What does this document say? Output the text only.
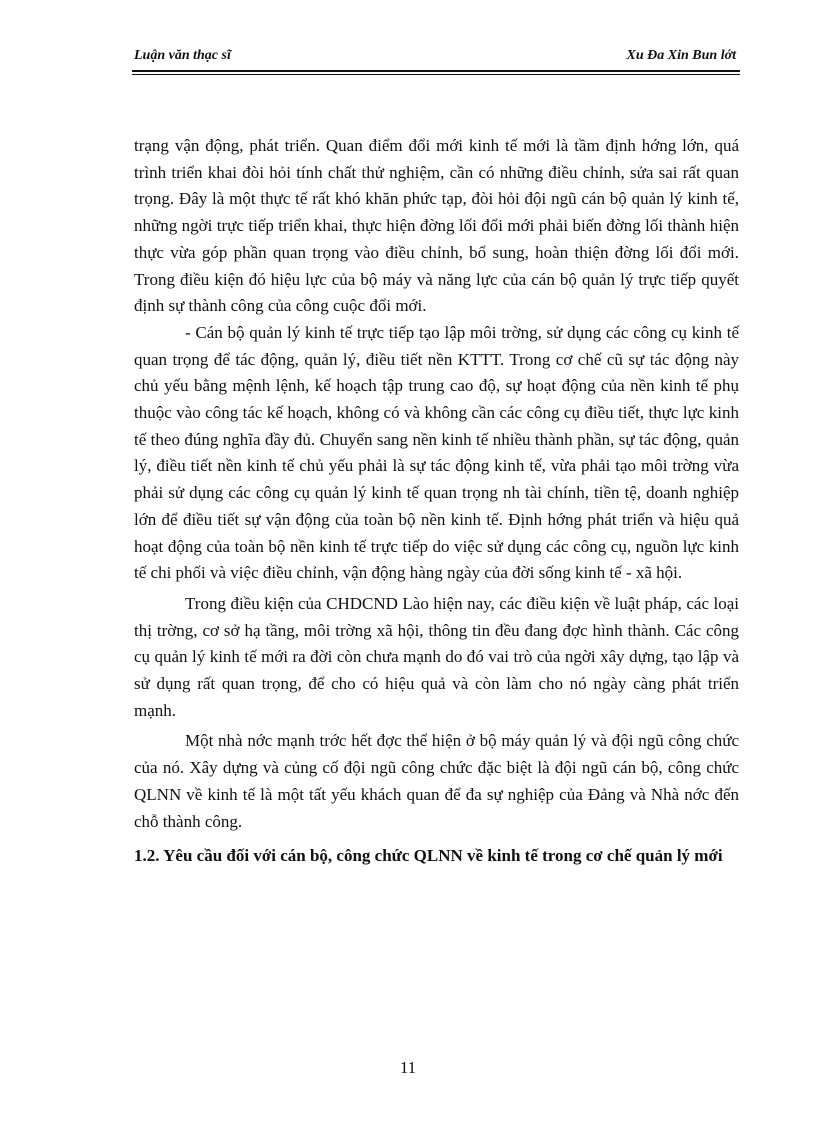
Luận văn thạc sĩ	Xu Đa Xin Bun lớt

trạng vận động, phát triển. Quan điểm đổi mới kinh tế mới là tầm định hớng lớn, quá trình triển khai đòi hỏi tính chất thử nghiệm, cần có những điều chỉnh, sửa sai rất quan trọng. Đây là một thực tế rất khó khăn phức tạp, đòi hỏi đội ngũ cán bộ quản lý kinh tế, những ngời trực tiếp triển khai, thực hiện đờng lối đổi mới phải biến đờng lối thành hiện thực vừa góp phần quan trọng vào điều chỉnh, bổ sung, hoàn thiện đờng lối đổi mới. Trong điều kiện đó hiệu lực của bộ máy và năng lực của cán bộ quản lý trực tiếp quyết định sự thành công của công cuộc đổi mới.

- Cán bộ quản lý kinh tế trực tiếp tạo lập môi trờng, sử dụng các công cụ kinh tế quan trọng để tác động, quản lý, điều tiết nền KTTT. Trong cơ chế cũ sự tác động này chủ yếu bằng mệnh lệnh, kế hoạch tập trung cao độ, sự hoạt động của nền kinh tế phụ thuộc vào công tác kế hoạch, không có và không cần các công cụ điều tiết, thực lực kinh tế theo đúng nghĩa đầy đủ. Chuyển sang nền kinh tế nhiều thành phần, sự tác động, quản lý, điều tiết nền kinh tế chủ yếu phải là sự tác động kinh tế, vừa phải tạo môi trờng vừa phải sử dụng các công cụ quản lý kinh tế quan trọng nh tài chính, tiền tệ, doanh nghiệp lớn để điều tiết sự vận động của toàn bộ nền kinh tế. Định hớng phát triển và hiệu quả hoạt động của toàn bộ nền kinh tế trực tiếp do việc sử dụng các công cụ, nguồn lực kinh tế chi phối và việc điều chỉnh, vận động hàng ngày của đời sống kinh tế - xã hội.

Trong điều kiện của CHDCND Lào hiện nay, các điều kiện về luật pháp, các loại thị trờng, cơ sở hạ tầng, môi trờng xã hội, thông tin đều đang đợc hình thành. Các công cụ quản lý kinh tế mới ra đời còn chưa mạnh do đó vai trò của ngời xây dựng, tạo lập và sử dụng rất quan trọng, để cho có hiệu quả và còn làm cho nó ngày càng phát triển mạnh.

Một nhà nớc mạnh trớc hết đợc thể hiện ở bộ máy quản lý và đội ngũ công chức của nó. Xây dựng và củng cố đội ngũ công chức đặc biệt là đội ngũ cán bộ, công chức QLNN về kinh tế là một tất yếu khách quan để đa sự nghiệp của Đảng và Nhà nớc đến chỗ thành công.

1.2. Yêu cầu đối với cán bộ, công chức QLNN về kinh tế trong cơ chế quản lý mới
11
